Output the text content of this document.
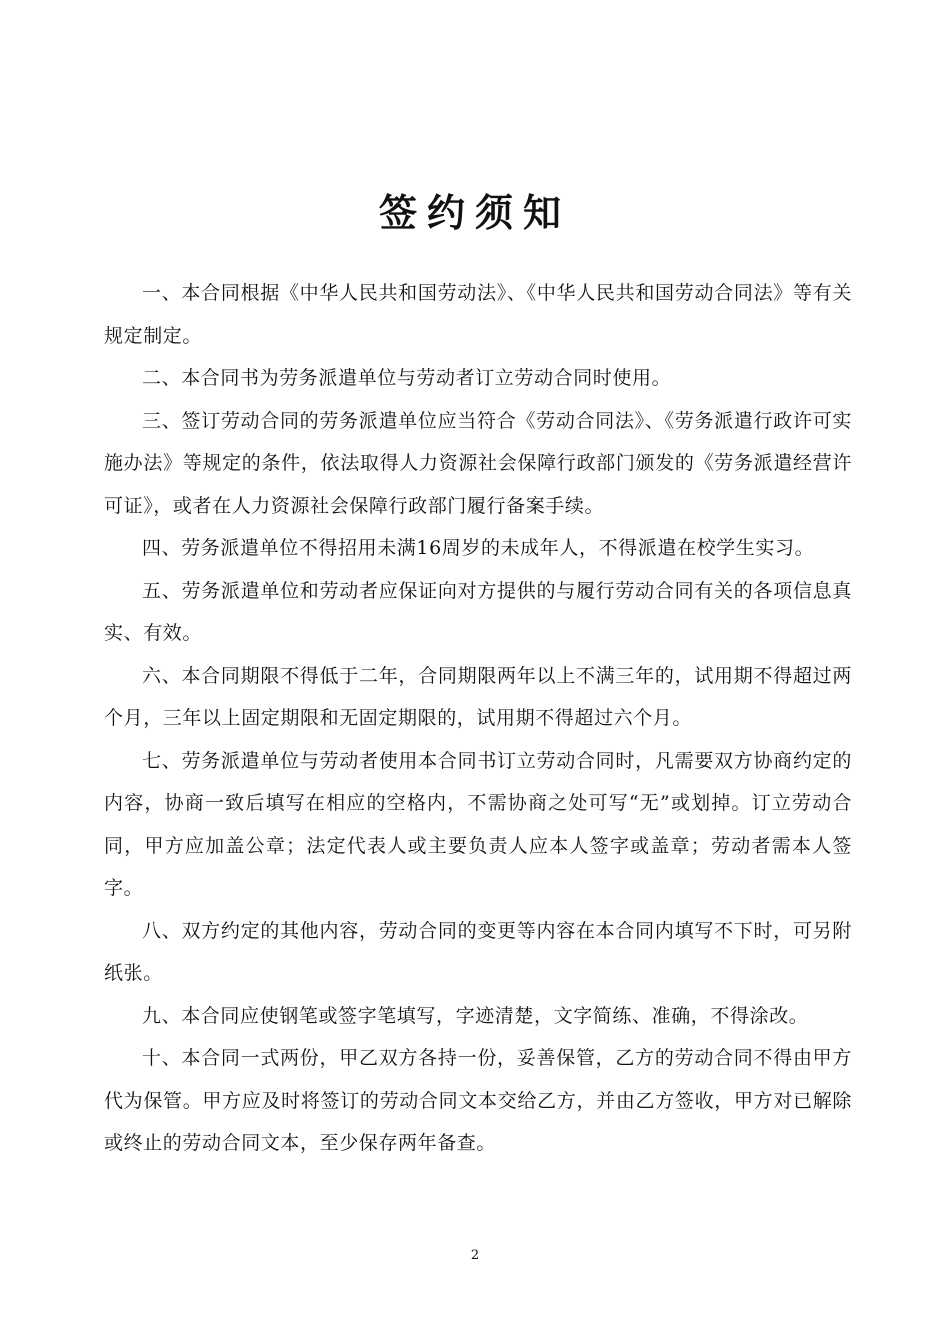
签约须知

一、本合同根据《中华人民共和国劳动法》、《中华人民共和国劳动合同法》等有关规定制定。

二、本合同书为劳务派遣单位与劳动者订立劳动合同时使用。

三、签订劳动合同的劳务派遣单位应当符合《劳动合同法》、《劳务派遣行政许可实施办法》等规定的条件，依法取得人力资源社会保障行政部门颁发的《劳务派遣经营许可证》，或者在人力资源社会保障行政部门履行备案手续。

四、劳务派遣单位不得招用未满16周岁的未成年人，不得派遣在校学生实习。

五、劳务派遣单位和劳动者应保证向对方提供的与履行劳动合同有关的各项信息真实、有效。

六、本合同期限不得低于二年，合同期限两年以上不满三年的，试用期不得超过两个月，三年以上固定期限和无固定期限的，试用期不得超过六个月。

七、劳务派遣单位与劳动者使用本合同书订立劳动合同时，凡需要双方协商约定的内容，协商一致后填写在相应的空格内，不需协商之处可写“无”或划掉。订立劳动合同，甲方应加盖公章；法定代表人或主要负责人应本人签字或盖章；劳动者需本人签字。

八、双方约定的其他内容，劳动合同的变更等内容在本合同内填写不下时，可另附纸张。

九、本合同应使钢笔或签字笔填写，字迹清楚，文字简练、准确，不得涂改。

十、本合同一式两份，甲乙双方各持一份，妥善保管，乙方的劳动合同不得由甲方代为保管。甲方应及时将签订的劳动合同文本交给乙方，并由乙方签收，甲方对已解除或终止的劳动合同文本，至少保存两年备查。

2
